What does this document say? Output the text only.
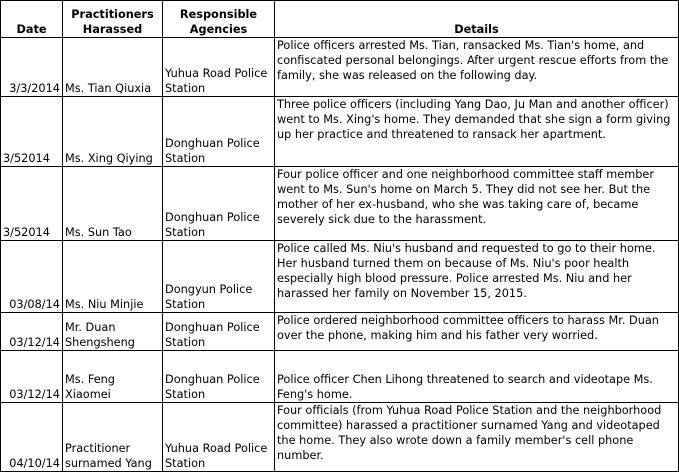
Date	Practitioners Harassed	Responsible Agencies	Details
3/3/2014	Ms. Tian Qiuxia	Yuhua Road Police Station	Police officers arrested Ms. Tian, ransacked Ms. Tian's home, and confiscated personal belongings. After urgent rescue efforts from the family, she was released on the following day.
3/52014	Ms. Xing Qiying	Donghuan Police Station	Three police officers (including Yang Dao, Ju Man and another officer) went to Ms. Xing's home. They demanded that she sign a form giving up her practice and threatened to ransack her apartment.
3/52014	Ms. Sun Tao	Donghuan Police Station	Four police officer and one neighborhood committee staff member went to Ms. Sun's home on March 5. They did not see her. But the mother of her ex-husband, who she was taking care of, became severely sick due to the harassment.
03/08/14	Ms. Niu Minjie	Dongyun Police Station	Police called Ms. Niu's husband and requested to go to their home. Her husband turned them on because of Ms. Niu's poor health especially high blood pressure. Police arrested Ms. Niu and her harassed her family on November 15, 2015.
03/12/14	Mr. Duan Shengsheng	Donghuan Police Station	Police ordered neighborhood committee officers to harass Mr. Duan over the phone, making him and his father very worried.
03/12/14	Ms. Feng Xiaomei	Donghuan Police Station	Police officer Chen Lihong threatened to search and videotape Ms. Feng's home.
04/10/14	Practitioner surnamed Yang	Yuhua Road Police Station	Four officials (from Yuhua Road Police Station and the neighborhood committee) harassed a practitioner surnamed Yang and videotaped the home. They also wrote down a family member's cell phone number.
